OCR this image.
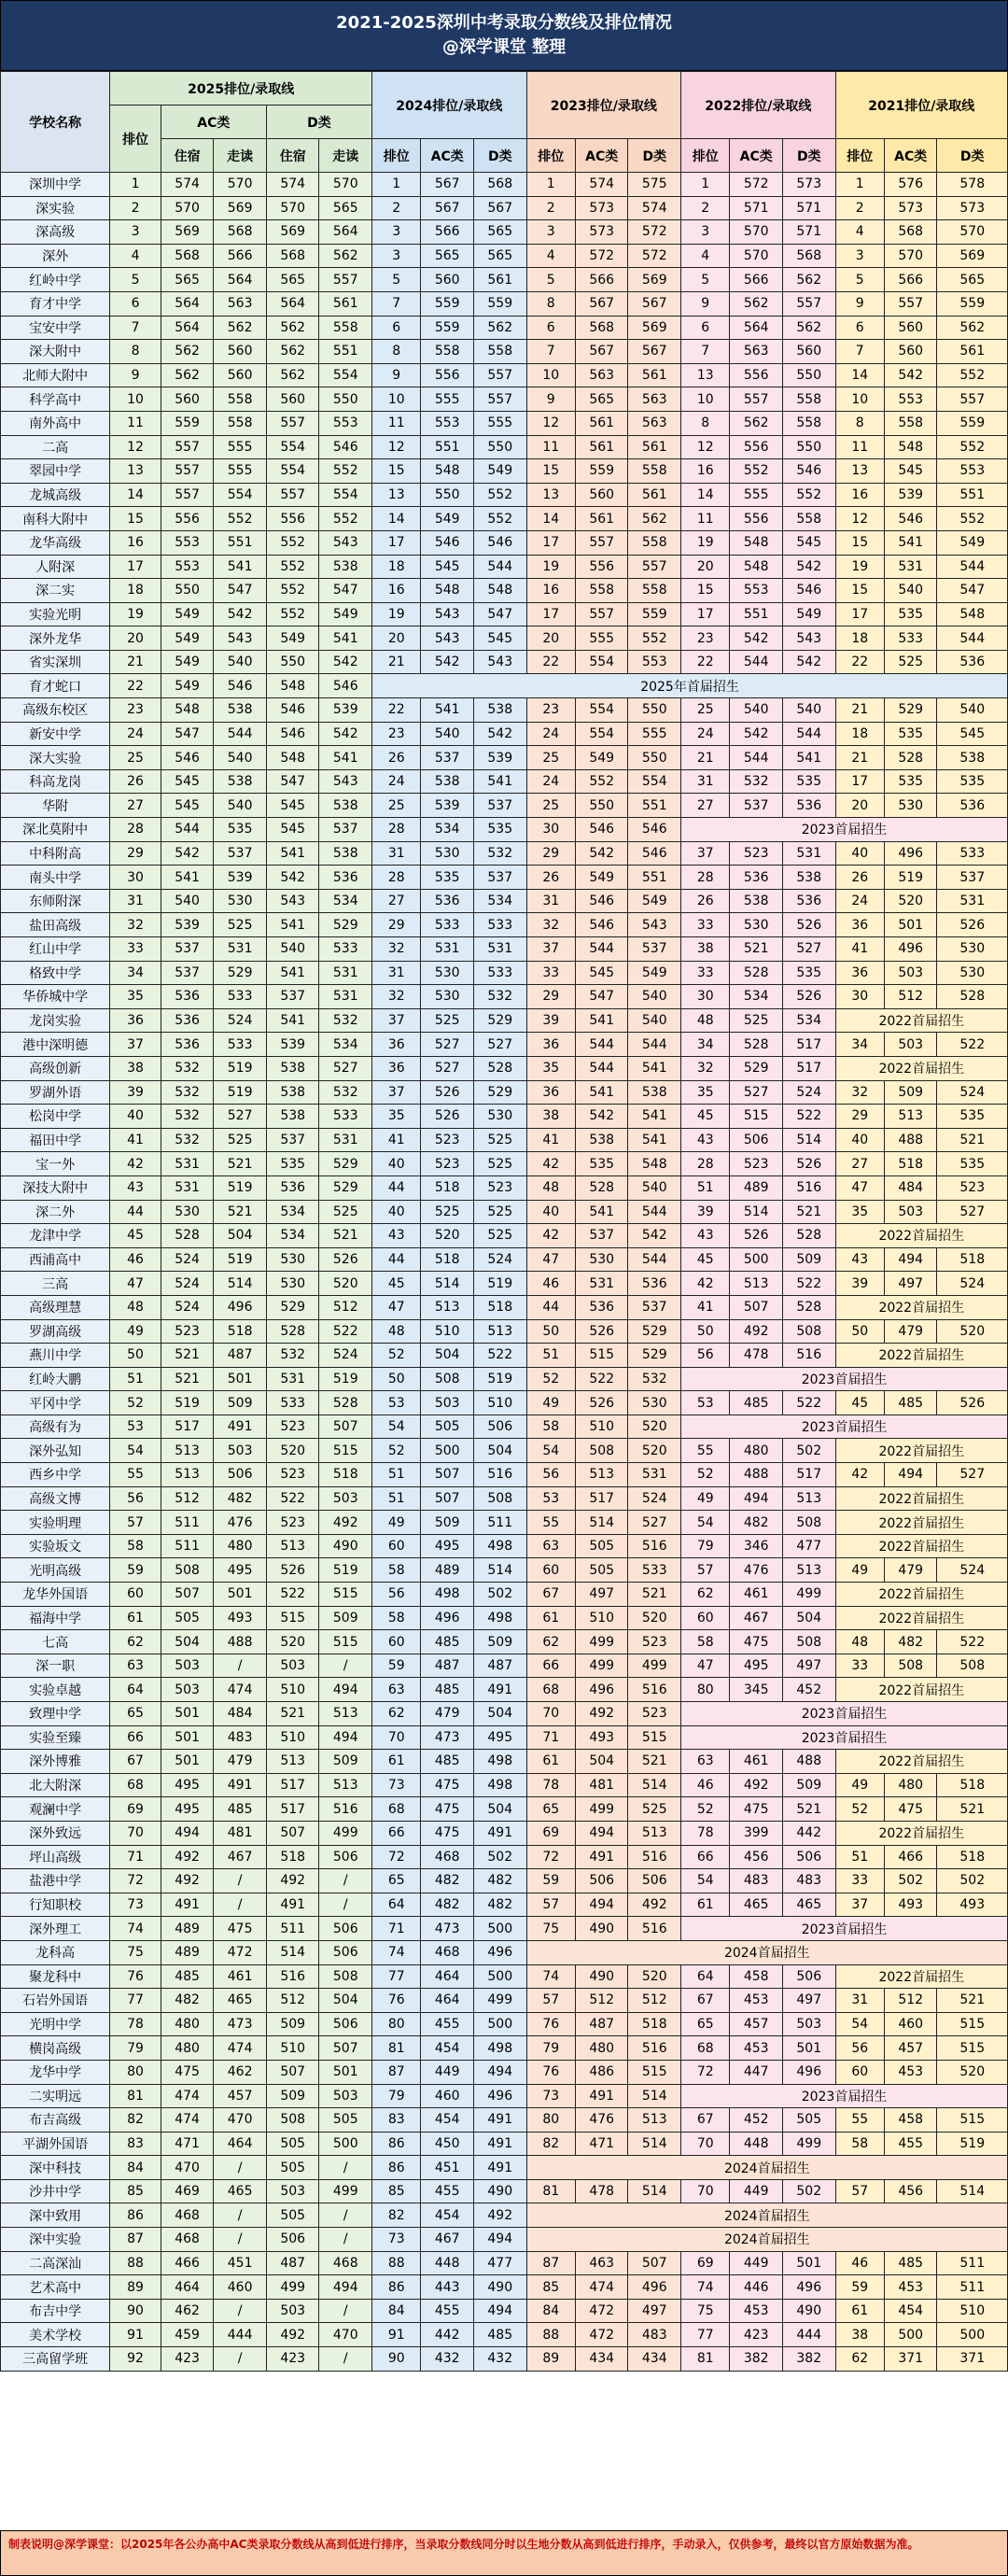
2021-2025深圳中考录取分数线及排位情况
@深学课堂 整理
学校名称	2025排位/录取线					2024排位/录取线			2023排位/录取线			2022排位/录取线			2021排位/录取线		
	排位	AC类		D类													
		住宿	走读	住宿	走读	排位	AC类	D类	排位	AC类	D类	排位	AC类	D类	排位	AC类	D类
深圳中学	1	574	570	574	570	1	567	568	1	574	575	1	572	573	1	576	578
深实验	2	570	569	570	565	2	567	567	2	573	574	2	571	571	2	573	573
深高级	3	569	568	569	564	3	566	565	3	573	572	3	570	571	4	568	570
深外	4	568	566	568	562	3	565	565	4	572	572	4	570	568	3	570	569
红岭中学	5	565	564	565	557	5	560	561	5	566	569	5	566	562	5	566	565
育才中学	6	564	563	564	561	7	559	559	8	567	567	9	562	557	9	557	559
宝安中学	7	564	562	562	558	6	559	562	6	568	569	6	564	562	6	560	562
深大附中	8	562	560	562	551	8	558	558	7	567	567	7	563	560	7	560	561
北师大附中	9	562	560	562	554	9	556	557	10	563	561	13	556	550	14	542	552
科学高中	10	560	558	560	550	10	555	557	9	565	563	10	557	558	10	553	557
南外高中	11	559	558	557	553	11	553	555	12	561	563	8	562	558	8	558	559
二高	12	557	555	554	546	12	551	550	11	561	561	12	556	550	11	548	552
翠园中学	13	557	555	554	552	15	548	549	15	559	558	16	552	546	13	545	553
龙城高级	14	557	554	557	554	13	550	552	13	560	561	14	555	552	16	539	551
南科大附中	15	556	552	556	552	14	549	552	14	561	562	11	556	558	12	546	552
龙华高级	16	553	551	552	543	17	546	546	17	557	558	19	548	545	15	541	549
人附深	17	553	541	552	538	18	545	544	19	556	557	20	548	542	19	531	544
深二实	18	550	547	552	547	16	548	548	16	558	558	15	553	546	15	540	547
实验光明	19	549	542	552	549	19	543	547	17	557	559	17	551	549	17	535	548
深外龙华	20	549	543	549	541	20	543	545	20	555	552	23	542	543	18	533	544
省实深圳	21	549	540	550	542	21	542	543	22	554	553	22	544	542	22	525	536
育才蛇口	22	549	546	548	546	2025年首届招生											
高级东校区	23	548	538	546	539	22	541	538	23	554	550	25	540	540	21	529	540
新安中学	24	547	544	546	542	23	540	542	24	554	555	24	542	544	18	535	545
深大实验	25	546	540	548	541	26	537	539	25	549	550	21	544	541	21	528	538
科高龙岗	26	545	538	547	543	24	538	541	24	552	554	31	532	535	17	535	535
华附	27	545	540	545	538	25	539	537	25	550	551	27	537	536	20	530	536
深北莫附中	28	544	535	545	537	28	534	535	30	546	546	2023首届招生					
中科附高	29	542	537	541	538	31	530	532	29	542	546	37	523	531	40	496	533
南头中学	30	541	539	542	536	28	535	537	26	549	551	28	536	538	26	519	537
东师附深	31	540	530	543	534	27	536	534	31	546	549	26	538	536	24	520	531
盐田高级	32	539	525	541	529	29	533	533	32	546	543	33	530	526	36	501	526
红山中学	33	537	531	540	533	32	531	531	37	544	537	38	521	527	41	496	530
格致中学	34	537	529	541	531	31	530	533	33	545	549	33	528	535	36	503	530
华侨城中学	35	536	533	537	531	32	530	532	29	547	540	30	534	526	30	512	528
龙岗实验	36	536	524	541	532	37	525	529	39	541	540	48	525	534	2022首届招生		
港中深明德	37	536	533	539	534	36	527	527	36	544	544	34	528	517	34	503	522
高级创新	38	532	519	538	527	36	527	528	35	544	541	32	529	517	2022首届招生		
罗湖外语	39	532	519	538	532	37	526	529	36	541	538	35	527	524	32	509	524
松岗中学	40	532	527	538	533	35	526	530	38	542	541	45	515	522	29	513	535
福田中学	41	532	525	537	531	41	523	525	41	538	541	43	506	514	40	488	521
宝一外	42	531	521	535	529	40	523	525	42	535	548	28	523	526	27	518	535
深技大附中	43	531	519	536	529	44	518	523	48	528	540	51	489	516	47	484	523
深二外	44	530	521	534	525	40	525	525	40	541	544	39	514	521	35	503	527
龙津中学	45	528	504	534	521	43	520	525	42	537	542	43	526	528	2022首届招生		
西浦高中	46	524	519	530	526	44	518	524	47	530	544	45	500	509	43	494	518
三高	47	524	514	530	520	45	514	519	46	531	536	42	513	522	39	497	524
高级理慧	48	524	496	529	512	47	513	518	44	536	537	41	507	528	2022首届招生		
罗湖高级	49	523	518	528	522	48	510	513	50	526	529	50	492	508	50	479	520
燕川中学	50	521	487	532	524	52	504	522	51	515	529	56	478	516	2022首届招生		
红岭大鹏	51	521	501	531	519	50	508	519	52	522	532	2023首届招生					
平冈中学	52	519	509	533	528	53	503	510	49	526	530	53	485	522	45	485	526
高级有为	53	517	491	523	507	54	505	506	58	510	520	2023首届招生					
深外弘知	54	513	503	520	515	52	500	504	54	508	520	55	480	502	2022首届招生		
西乡中学	55	513	506	523	518	51	507	516	56	513	531	52	488	517	42	494	527
高级文博	56	512	482	522	503	51	507	508	53	517	524	49	494	513	2022首届招生		
实验明理	57	511	476	523	492	49	509	511	55	514	527	54	482	508	2022首届招生		
实验坂文	58	511	480	513	490	60	495	498	63	505	516	79	346	477	2022首届招生		
光明高级	59	508	495	526	519	58	489	514	60	505	533	57	476	513	49	479	524
龙华外国语	60	507	501	522	515	56	498	502	67	497	521	62	461	499	2022首届招生		
福海中学	61	505	493	515	509	58	496	498	61	510	520	60	467	504	2022首届招生		
七高	62	504	488	520	515	60	485	509	62	499	523	58	475	508	48	482	522
深一职	63	503	/	503	/	59	487	487	66	499	499	47	495	497	33	508	508
实验卓越	64	503	474	510	494	63	485	491	68	496	516	80	345	452	2022首届招生		
致理中学	65	501	484	521	513	62	479	504	70	492	523	2023首届招生					
实验至臻	66	501	483	510	494	70	473	495	71	493	515	2023首届招生					
深外博雅	67	501	479	513	509	61	485	498	61	504	521	63	461	488	2022首届招生		
北大附深	68	495	491	517	513	73	475	498	78	481	514	46	492	509	49	480	518
观澜中学	69	495	485	517	516	68	475	504	65	499	525	52	475	521	52	475	521
深外致远	70	494	481	507	499	66	475	491	69	494	513	78	399	442	2022首届招生		
坪山高级	71	492	467	518	506	72	468	502	72	491	516	66	456	506	51	466	518
盐港中学	72	492	/	492	/	65	482	482	59	506	506	54	483	483	33	502	502
行知职校	73	491	/	491	/	64	482	482	57	494	492	61	465	465	37	493	493
深外理工	74	489	475	511	506	71	473	500	75	490	516	2023首届招生					
龙科高	75	489	472	514	506	74	468	496	2024首届招生								
聚龙科中	76	485	461	516	508	77	464	500	74	490	520	64	458	506	2022首届招生		
石岩外国语	77	482	465	512	504	76	464	499	57	512	512	67	453	497	31	512	521
光明中学	78	480	473	509	506	80	455	500	76	487	518	65	457	503	54	460	515
横岗高级	79	480	474	510	507	81	454	498	79	480	516	68	453	501	56	457	515
龙华中学	80	475	462	507	501	87	449	494	76	486	515	72	447	496	60	453	520
二实明远	81	474	457	509	503	79	460	496	73	491	514	2023首届招生					
布吉高级	82	474	470	508	505	83	454	491	80	476	513	67	452	505	55	458	515
平湖外国语	83	471	464	505	500	86	450	491	82	471	514	70	448	499	58	455	519
深中科技	84	470	/	505	/	86	451	491	2024首届招生								
沙井中学	85	469	465	503	499	85	455	490	81	478	514	70	449	502	57	456	514
深中致用	86	468	/	505	/	82	454	492	2024首届招生								
深中实验	87	468	/	506	/	73	467	494	2024首届招生								
二高深汕	88	466	451	487	468	88	448	477	87	463	507	69	449	501	46	485	511
艺术高中	89	464	460	499	494	86	443	490	85	474	496	74	446	496	59	453	511
布吉中学	90	462	/	503	/	84	455	494	84	472	497	75	453	490	61	454	510
美术学校	91	459	444	492	470	91	442	485	88	472	483	77	423	444	38	500	500
三高留学班	92	423	/	423	/	90	432	432	89	434	434	81	382	382	62	371	371
制表说明@深学课堂：以2025年各公办高中AC类录取分数线从高到低进行排序，当录取分数线同分时以生地分数从高到低进行排序，手动录入，仅供参考，最终以官方原始数据为准。
